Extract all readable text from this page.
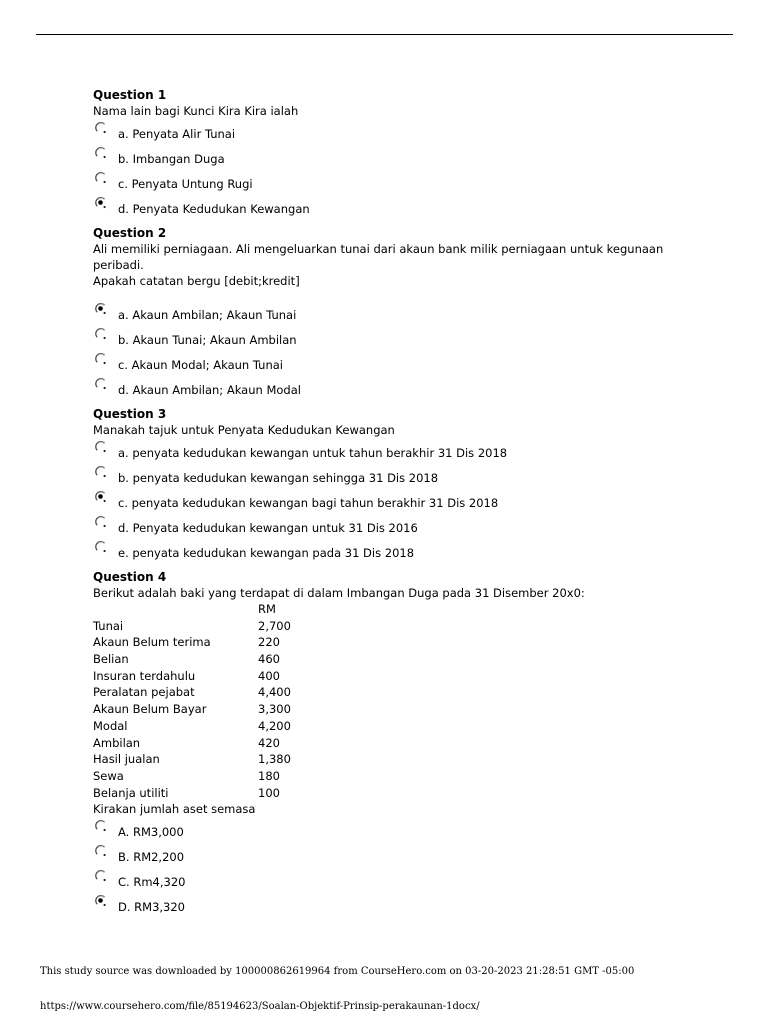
Question 1
Nama lain bagi Kunci Kira Kira ialah
a. Penyata Alir Tunai
b. Imbangan Duga
c. Penyata Untung Rugi
d. Penyata Kedudukan Kewangan
Question 2
Ali memiliki perniagaan. Ali mengeluarkan tunai dari akaun bank milik perniagaan untuk kegunaan peribadi.
Apakah catatan bergu [debit;kredit]
a. Akaun Ambilan; Akaun Tunai
b. Akaun Tunai; Akaun Ambilan
c. Akaun Modal; Akaun Tunai
d. Akaun Ambilan; Akaun Modal
Question 3
Manakah tajuk untuk Penyata Kedudukan Kewangan
a. penyata kedudukan kewangan untuk tahun berakhir 31 Dis 2018
b. penyata kedudukan kewangan sehingga 31 Dis 2018
c. penyata kedudukan kewangan bagi tahun berakhir 31 Dis 2018
d. Penyata kedudukan kewangan untuk 31 Dis 2016
e. penyata kedudukan kewangan pada 31 Dis 2018
Question 4
Berikut adalah baki yang terdapat di dalam Imbangan Duga pada 31 Disember 20x0:
	RM
Tunai	2,700
Akaun Belum terima	220
Belian	460
Insuran terdahulu	400
Peralatan pejabat	4,400
Akaun Belum Bayar	3,300
Modal	4,200
Ambilan	420
Hasil jualan	1,380
Sewa	180
Belanja utiliti	100
Kirakan jumlah aset semasa
A. RM3,000
B. RM2,200
C. Rm4,320
D. RM3,320
This study source was downloaded by 100000862619964 from CourseHero.com on 03-20-2023 21:28:51 GMT -05:00
https://www.coursehero.com/file/85194623/Soalan-Objektif-Prinsip-perakaunan-1docx/
